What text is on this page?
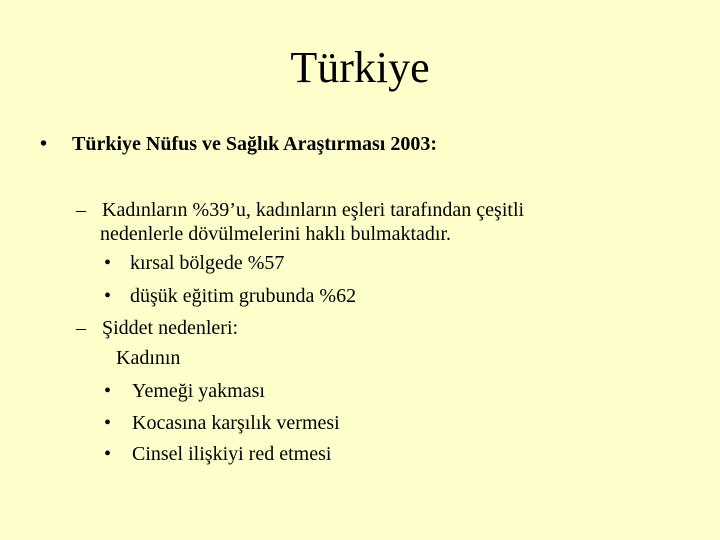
Türkiye
• Türkiye Nüfus ve Sağlık Araştırması 2003:
– Kadınların %39’u, kadınların eşleri tarafından çeşitli
nedenlerle dövülmelerini haklı bulmaktadır.
• kırsal bölgede %57
• düşük eğitim grubunda %62
– Şiddet nedenleri:
Kadının
• Yemeği yakması
• Kocasına karşılık vermesi
• Cinsel ilişkiyi red etmesi
